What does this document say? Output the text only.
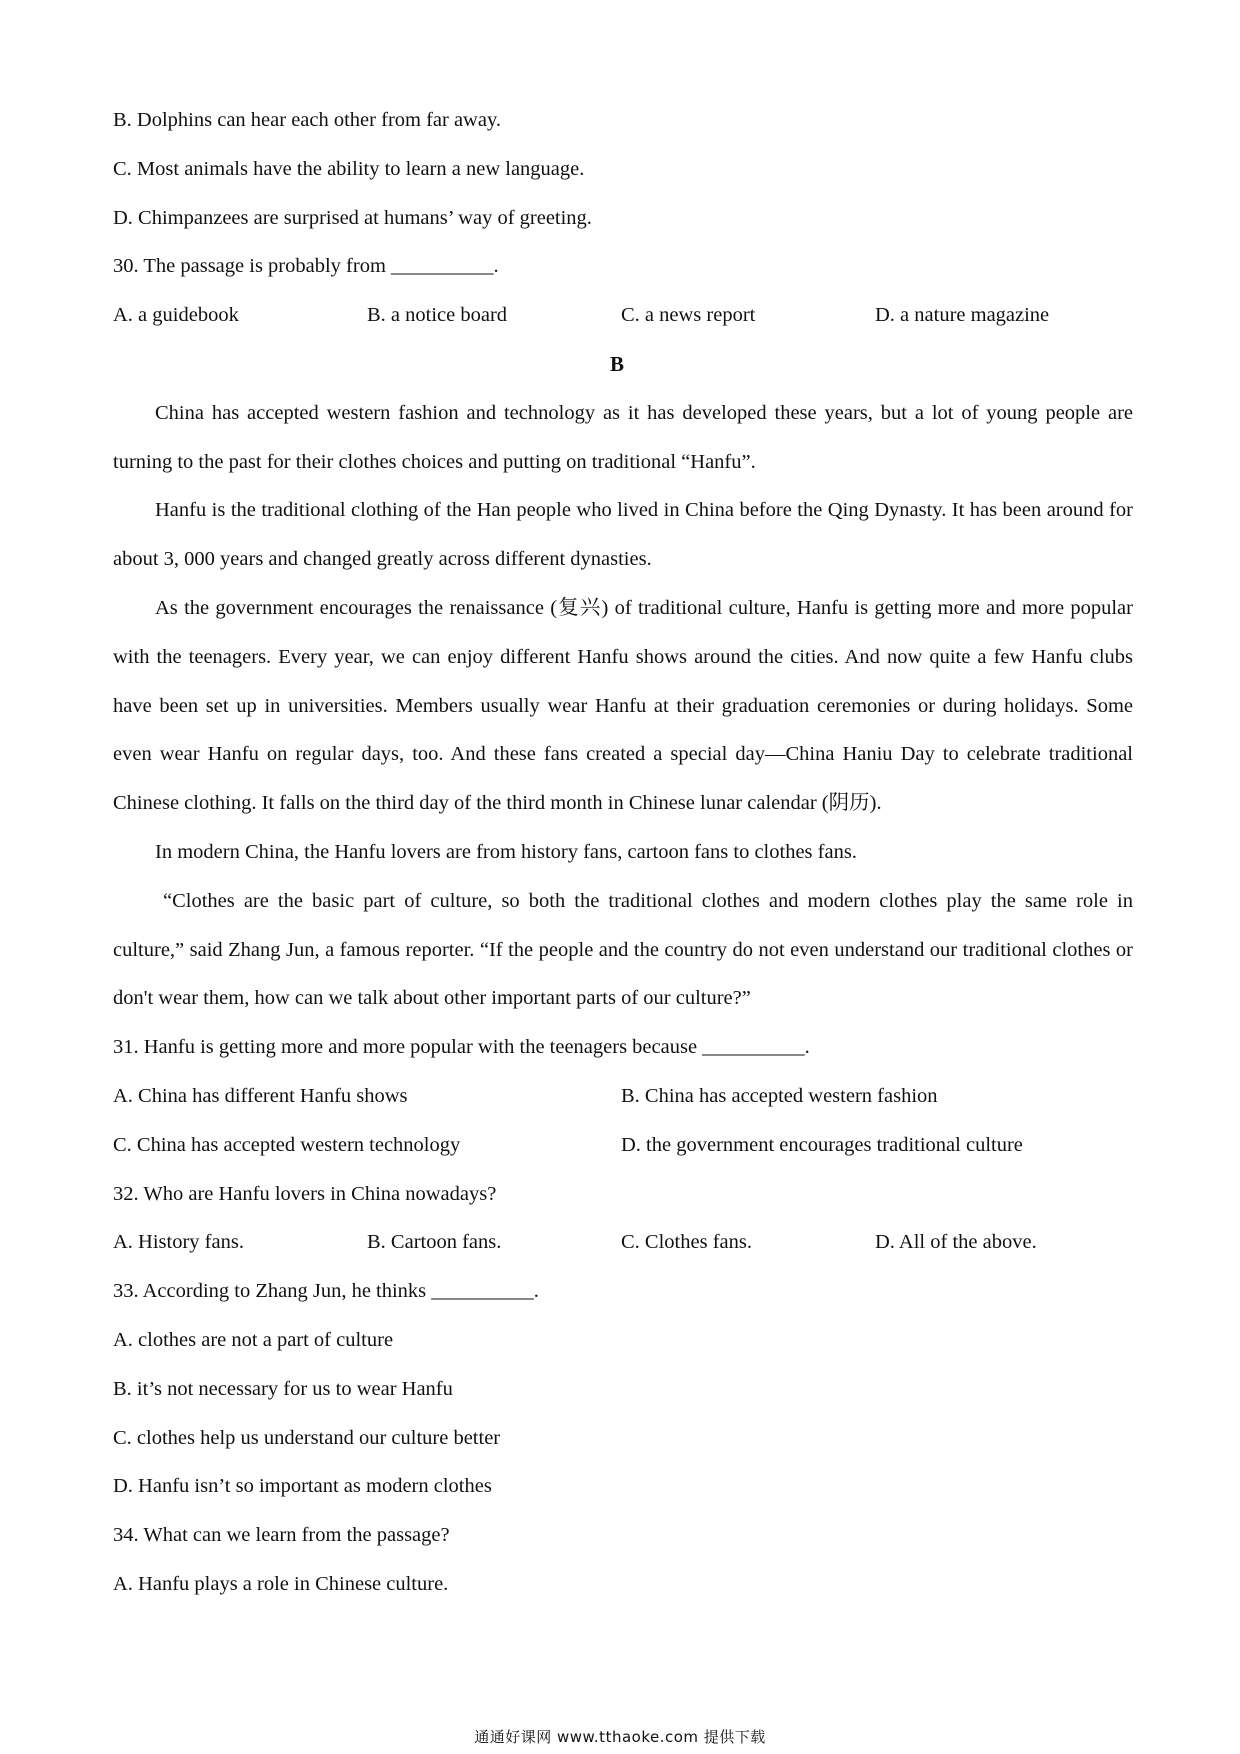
B. Dolphins can hear each other from far away.
C. Most animals have the ability to learn a new language.
D. Chimpanzees are surprised at humans’ way of greeting.
30. The passage is probably from __________.
A. a guidebook	B. a notice board	C. a news report	D. a nature magazine
B

China has accepted western fashion and technology as it has developed these years, but a lot of young people are turning to the past for their clothes choices and putting on traditional “Hanfu”.

Hanfu is the traditional clothing of the Han people who lived in China before the Qing Dynasty. It has been around for about 3, 000 years and changed greatly across different dynasties.

As the government encourages the renaissance (复兴) of traditional culture, Hanfu is getting more and more popular with the teenagers. Every year, we can enjoy different Hanfu shows around the cities. And now quite a few Hanfu clubs have been set up in universities. Members usually wear Hanfu at their graduation ceremonies or during holidays. Some even wear Hanfu on regular days, too. And these fans created a special day—China Haniu Day to celebrate traditional Chinese clothing. It falls on the third day of the third month in Chinese lunar calendar (阴历).

In modern China, the Hanfu lovers are from history fans, cartoon fans to clothes fans.

“Clothes are the basic part of culture, so both the traditional clothes and modern clothes play the same role in culture,” said Zhang Jun, a famous reporter. “If the people and the country do not even understand our traditional clothes or don't wear them, how can we talk about other important parts of our culture?”

31. Hanfu is getting more and more popular with the teenagers because __________.
A. China has different Hanfu shows	B. China has accepted western fashion
C. China has accepted western technology	D. the government encourages traditional culture
32. Who are Hanfu lovers in China nowadays?
A. History fans.	B. Cartoon fans.	C. Clothes fans.	D. All of the above.
33. According to Zhang Jun, he thinks __________.
A. clothes are not a part of culture
B. it’s not necessary for us to wear Hanfu
C. clothes help us understand our culture better
D. Hanfu isn’t so important as modern clothes
34. What can we learn from the passage?
A. Hanfu plays a role in Chinese culture.
通通好课网 www.tthaoke.com 提供下载
